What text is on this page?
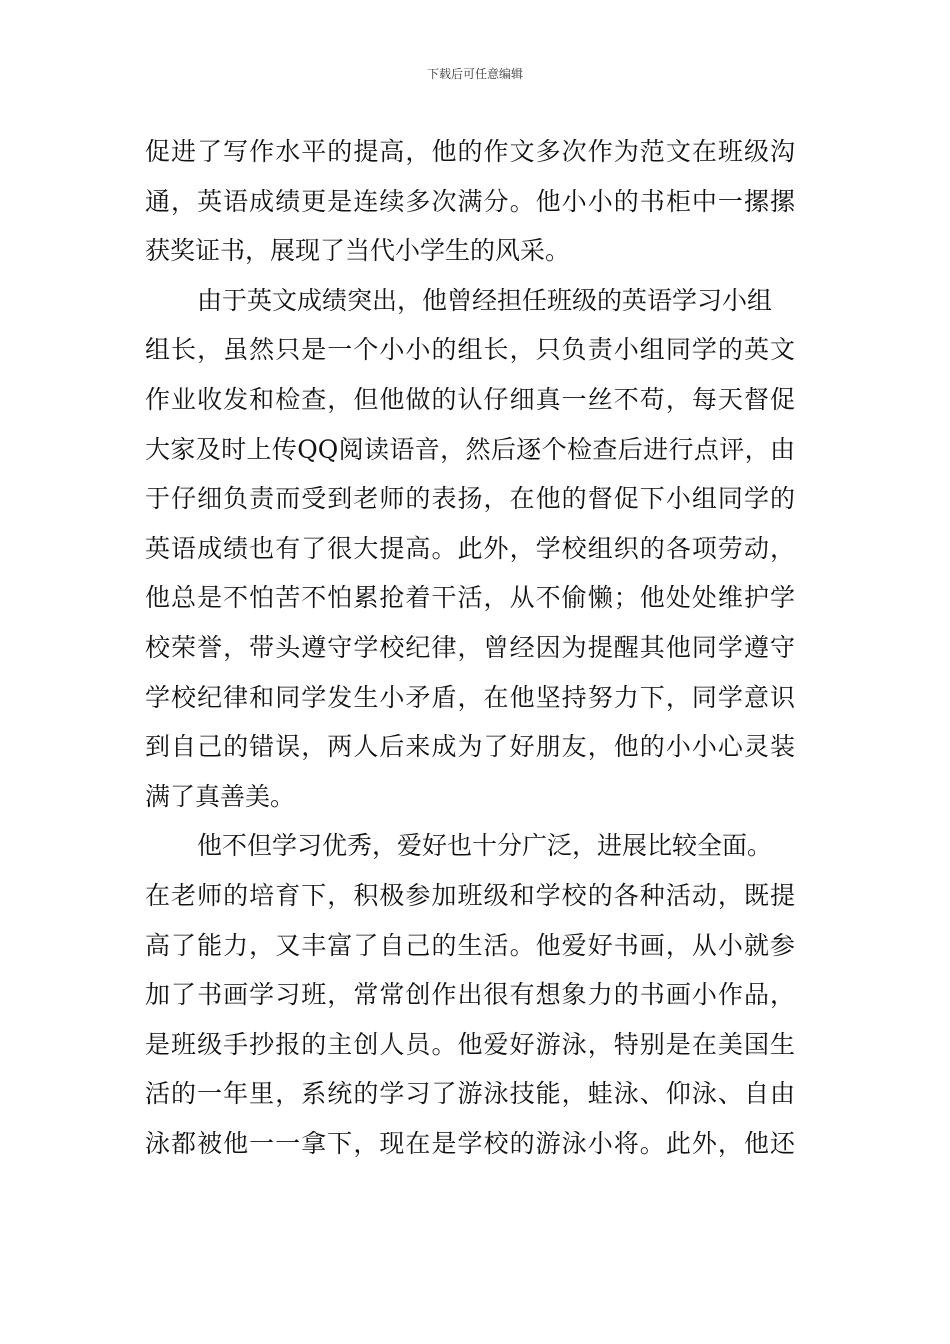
下载后可任意编辑
促进了写作水平的提高，他的作文多次作为范文在班级沟
通，英语成绩更是连续多次满分。他小小的书柜中一摞摞
获奖证书，展现了当代小学生的风采。
由于英文成绩突出，他曾经担任班级的英语学习小组
组长，虽然只是一个小小的组长，只负责小组同学的英文
作业收发和检查，但他做的认仔细真一丝不苟，每天督促
大家及时上传QQ阅读语音，然后逐个检查后进行点评，由
于仔细负责而受到老师的表扬，在他的督促下小组同学的
英语成绩也有了很大提高。此外，学校组织的各项劳动，
他总是不怕苦不怕累抢着干活，从不偷懒；他处处维护学
校荣誉，带头遵守学校纪律，曾经因为提醒其他同学遵守
学校纪律和同学发生小矛盾，在他坚持努力下，同学意识
到自己的错误，两人后来成为了好朋友，他的小小心灵装
满了真善美。
他不但学习优秀，爱好也十分广泛，进展比较全面。
在老师的培育下，积极参加班级和学校的各种活动，既提
高了能力，又丰富了自己的生活。他爱好书画，从小就参
加了书画学习班，常常创作出很有想象力的书画小作品，
是班级手抄报的主创人员。他爱好游泳，特别是在美国生
活的一年里，系统的学习了游泳技能，蛙泳、仰泳、自由
泳都被他一一拿下，现在是学校的游泳小将。此外，他还
